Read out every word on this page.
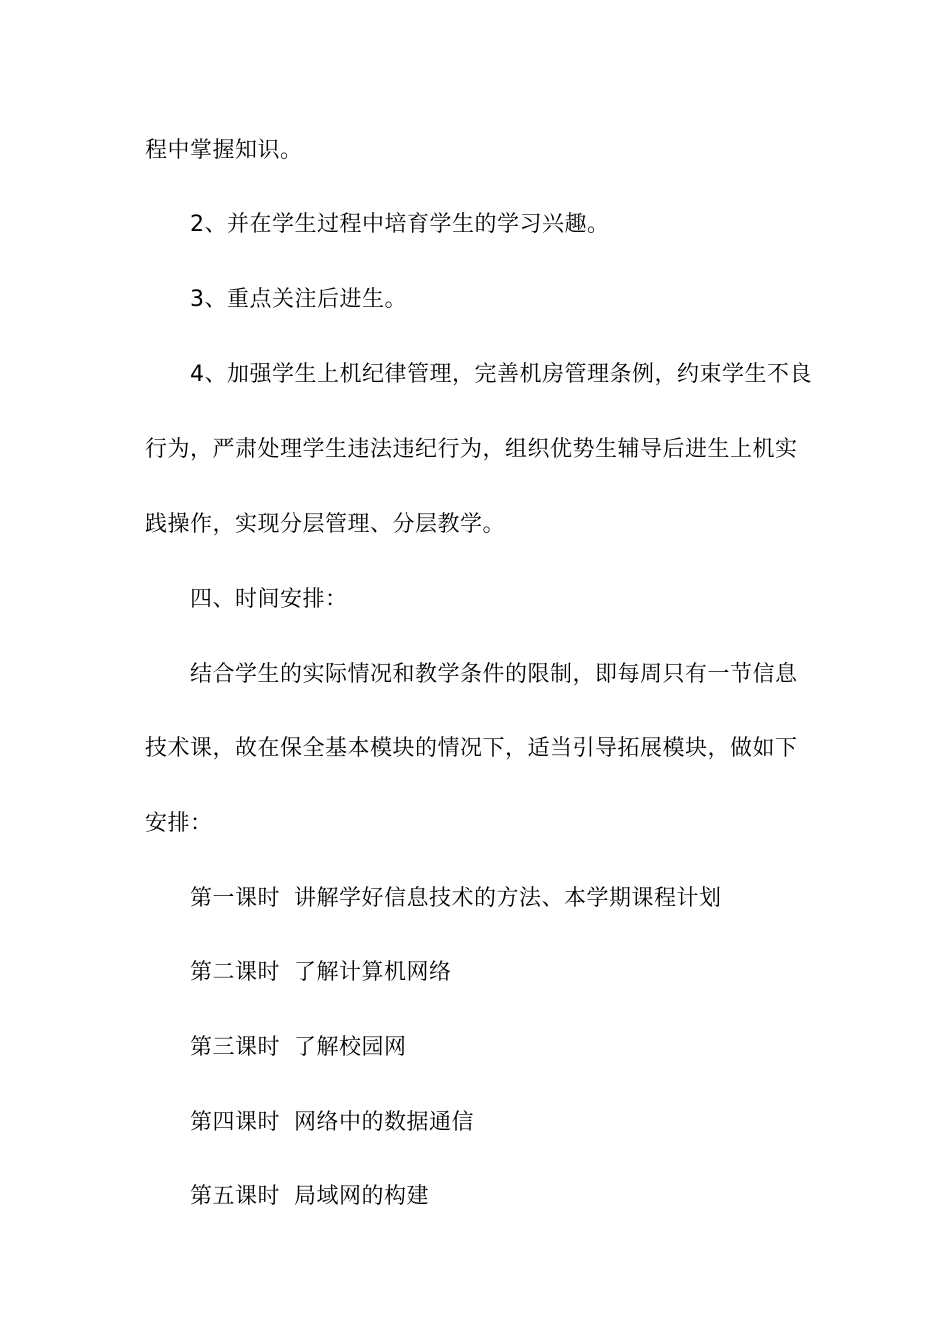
程中掌握知识。
2、并在学生过程中培育学生的学习兴趣。
3、重点关注后进生。
4、加强学生上机纪律管理，完善机房管理条例，约束学生不良
行为，严肃处理学生违法违纪行为，组织优势生辅导后进生上机实
践操作，实现分层管理、分层教学。
四、时间安排：
结合学生的实际情况和教学条件的限制，即每周只有一节信息
技术课，故在保全基本模块的情况下，适当引导拓展模块，做如下
安排：
第一课时 讲解学好信息技术的方法、本学期课程计划
第二课时 了解计算机网络
第三课时 了解校园网
第四课时 网络中的数据通信
第五课时 局域网的构建
